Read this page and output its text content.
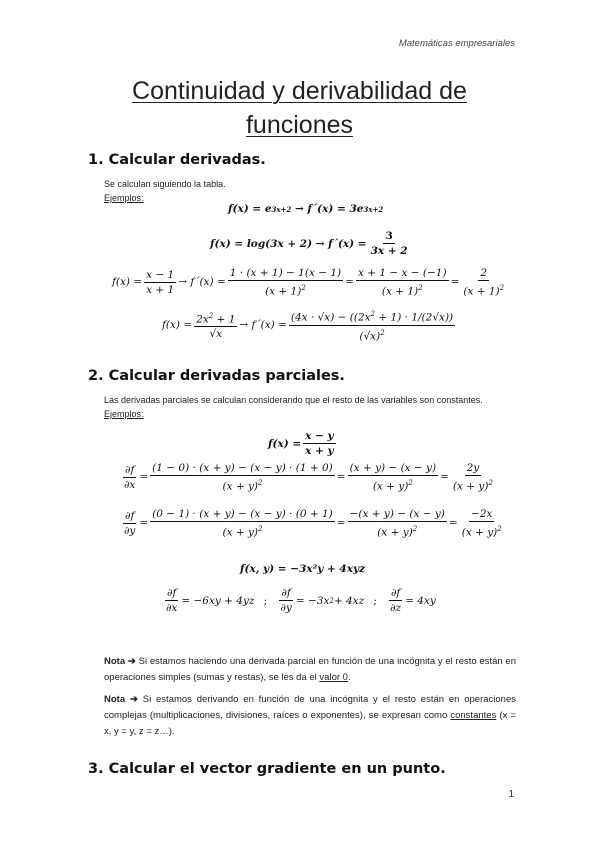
Matemáticas empresariales
Continuidad y derivabilidad de
funciones
1. Calcular derivadas.
Se calculan siguiendo la tabla.
Ejemplos:
f(x) = e 3x+2 → f´(x) = 3e 3x+2
f(x) = log(3x + 2) → f´(x) = $\frac{3}{3x + 2}$
$f(x) = \frac{x - 1}{x + 1}$ → f´(x) = $\frac{1 \cdot (x + 1) - 1(x - 1)}{(x + 1)^2} = \frac{x + 1 - x - (-1)}{(x + 1)^2} = \frac{2}{(x + 1)^2}$
$f(x) = \frac{2x^2 + 1}{√x}$ → f´(x) = $\frac{(4x \cdot √x) - ((2x^2 + 1) \cdot 1/(2√x))}{(√x)^2}$
2. Calcular derivadas parciales.
Las derivadas parciales se calculan considerando que el resto de las variables son constantes.
Ejemplos:
$f(x) = \frac{x - y}{x + y}$
$\frac{\partial f}{\partial x} = \frac{(1 - 0) \cdot (x + y) - (x - y) \cdot (1 + 0)}{(x + y)^2} = \frac{(x + y) - (x - y)}{(x + y)^2} = \frac{2y}{(x + y)^2}$
$\frac{\partial f}{\partial y} = \frac{(0 - 1) \cdot (x + y) - (x - y) \cdot (0 + 1)}{(x + y)^2} = \frac{-(x + y) - (x - y)}{(x + y)^2} = \frac{-2x}{(x + y)^2}$
f(x, y) = −3x²y + 4xyz
$\frac{\partial f}{\partial x} = -6xy + 4yz$ ;	$\frac{\partial f}{\partial y} = -3x$ 2 + 4xz ;	$\frac{\partial f}{\partial z} = 4xy$
Nota ➔ Si estamos haciendo una derivada parcial en función de una incógnita y el resto están en operaciones simples (sumas y restas), se les da el valor 0.
Nota ➔ Si estamos derivando en función de una incógnita y el resto están en operaciones complejas (multiplicaciones, divisiones, raíces o exponentes), se expresan como constantes (x = x, y = y, z = z…).
3. Calcular el vector gradiente en un punto.
1
